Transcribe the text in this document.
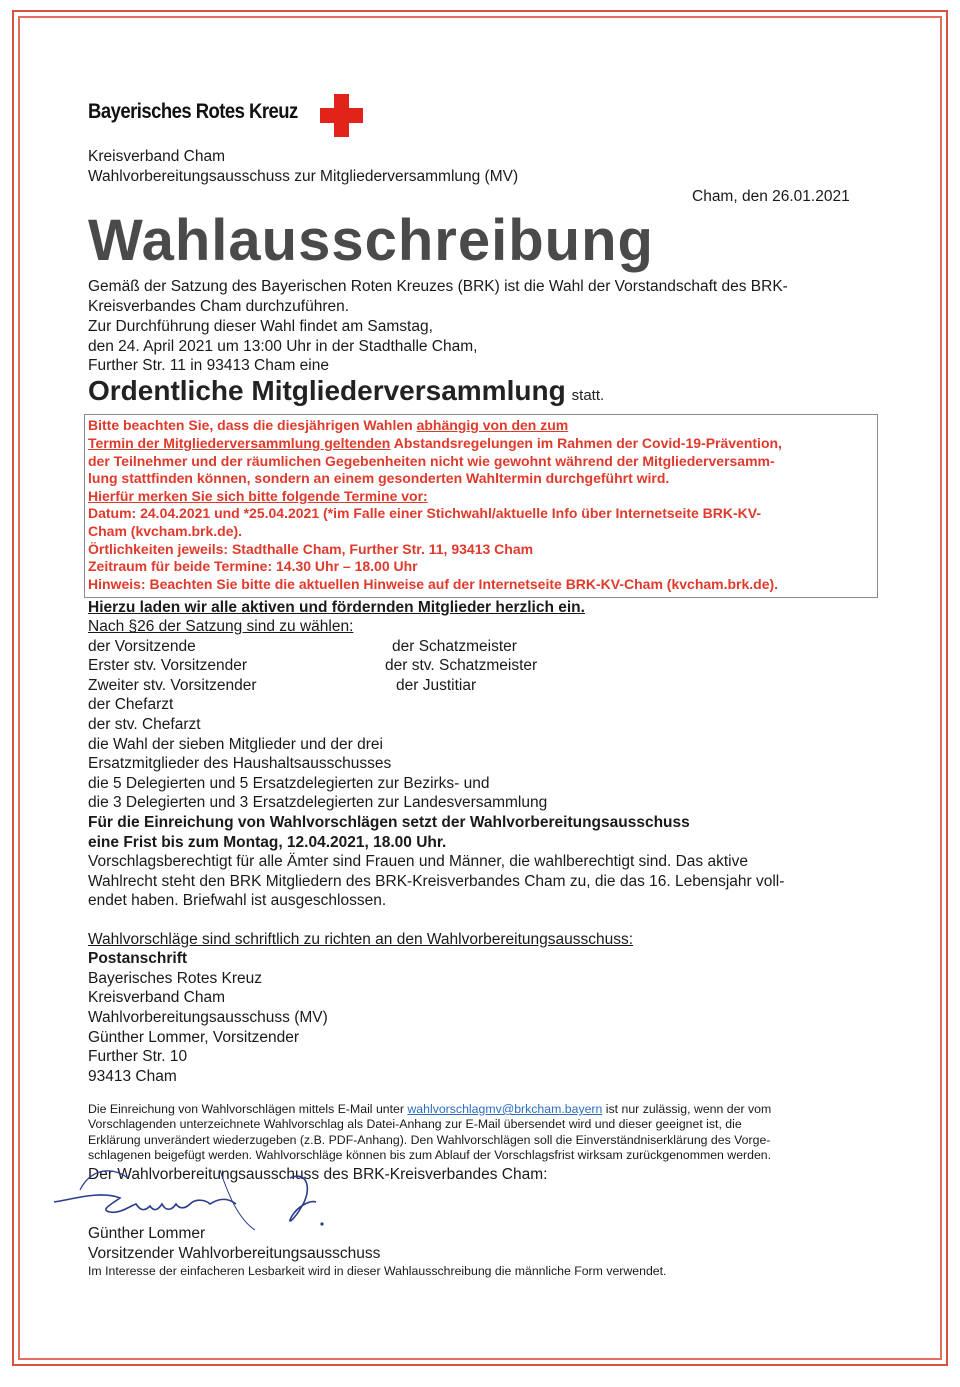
Bayerisches Rotes Kreuz
Kreisverband Cham
Wahlvorbereitungsausschuss zur Mitgliederversammlung (MV)
Cham, den 26.01.2021
Wahlausschreibung
Gemäß der Satzung des Bayerischen Roten Kreuzes (BRK) ist die Wahl der Vorstandschaft des BRK-
Kreisverbandes Cham durchzuführen.
Zur Durchführung dieser Wahl findet am Samstag,
den 24. April 2021 um 13:00 Uhr in der Stadthalle Cham,
Further Str. 11 in 93413 Cham eine
Ordentliche Mitgliederversammlung statt.
Bitte beachten Sie, dass die diesjährigen Wahlen abhängig von den zum
Termin der Mitgliederversammlung geltenden Abstandsregelungen im Rahmen der Covid-19-Prävention,
der Teilnehmer und der räumlichen Gegebenheiten nicht wie gewohnt während der Mitgliederversamm-
lung stattfinden können, sondern an einem gesonderten Wahltermin durchgeführt wird.
Hierfür merken Sie sich bitte folgende Termine vor:
Datum: 24.04.2021 und *25.04.2021 (*im Falle einer Stichwahl/aktuelle Info über Internetseite BRK-KV-
Cham (kvcham.brk.de).
Örtlichkeiten jeweils: Stadthalle Cham, Further Str. 11, 93413 Cham
Zeitraum für beide Termine: 14.30 Uhr – 18.00 Uhr
Hinweis: Beachten Sie bitte die aktuellen Hinweise auf der Internetseite BRK-KV-Cham (kvcham.brk.de).
Hierzu laden wir alle aktiven und fördernden Mitglieder herzlich ein.
Nach §26 der Satzung sind zu wählen:
der Vorsitzende
Erster stv. Vorsitzender
Zweiter stv. Vorsitzender
der Chefarzt
der stv. Chefarzt
der Schatzmeister
der stv. Schatzmeister
der Justitiar
die Wahl der sieben Mitglieder und der drei
Ersatzmitglieder des Haushaltsausschusses
die 5 Delegierten und 5 Ersatzdelegierten zur Bezirks- und
die 3 Delegierten und 3 Ersatzdelegierten zur Landesversammlung
Für die Einreichung von Wahlvorschlägen setzt der Wahlvorbereitungsausschuss
eine Frist bis zum Montag, 12.04.2021, 18.00 Uhr.
Vorschlagsberechtigt für alle Ämter sind Frauen und Männer, die wahlberechtigt sind. Das aktive
Wahlrecht steht den BRK Mitgliedern des BRK-Kreisverbandes Cham zu, die das 16. Lebensjahr voll-
endet haben. Briefwahl ist ausgeschlossen.
Wahlvorschläge sind schriftlich zu richten an den Wahlvorbereitungsausschuss:
Postanschrift
Bayerisches Rotes Kreuz
Kreisverband Cham
Wahlvorbereitungsausschuss (MV)
Günther Lommer, Vorsitzender
Further Str. 10
93413 Cham
Die Einreichung von Wahlvorschlägen mittels E-Mail unter wahlvorschlagmv@brkcham.bayern ist nur zulässig, wenn der vom
Vorschlagenden unterzeichnete Wahlvorschlag als Datei-Anhang zur E-Mail übersendet wird und dieser geeignet ist, die
Erklärung unverändert wiederzugeben (z.B. PDF-Anhang). Den Wahlvorschlägen soll die Einverständniserklärung des Vorge-
schlagenen beigefügt werden. Wahlvorschläge können bis zum Ablauf der Vorschlagsfrist wirksam zurückgenommen werden.
Der Wahlvorbereitungsausschuss des BRK-Kreisverbandes Cham:
Günther Lommer
Vorsitzender Wahlvorbereitungsausschuss
Im Interesse der einfacheren Lesbarkeit wird in dieser Wahlausschreibung die männliche Form verwendet.
